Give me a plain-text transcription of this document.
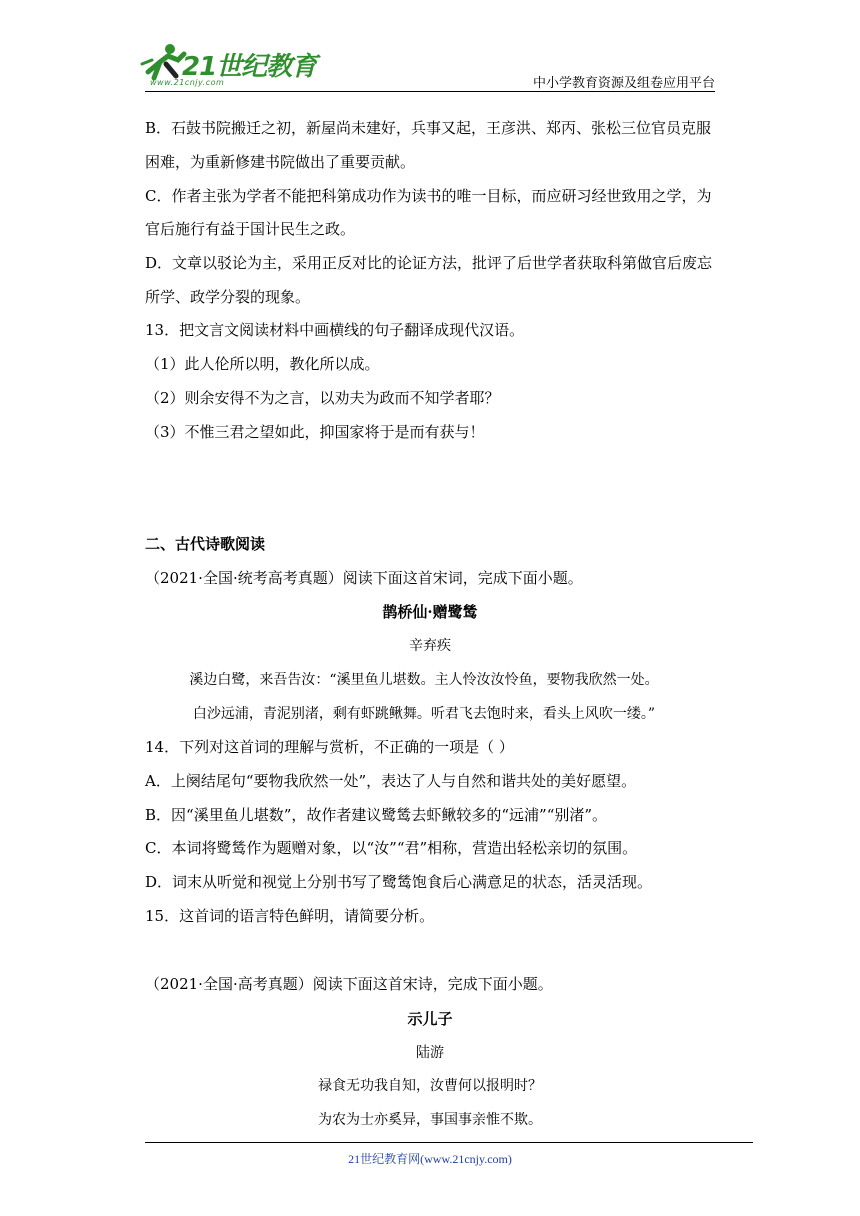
21世纪教育
www.21cnjy.com	中小学教育资源及组卷应用平台
B．石鼓书院搬迁之初，新屋尚未建好，兵事又起，王彦洪、郑丙、张松三位官员克服
困难，为重新修建书院做出了重要贡献。
C．作者主张为学者不能把科第成功作为读书的唯一目标，而应研习经世致用之学，为
官后施行有益于国计民生之政。
D．文章以驳论为主，采用正反对比的论证方法，批评了后世学者获取科第做官后废忘
所学、政学分裂的现象。
13．把文言文阅读材料中画横线的句子翻译成现代汉语。
（1）此人伦所以明，教化所以成。
（2）则余安得不为之言，以劝夫为政而不知学者耶？
（3）不惟三君之望如此，抑国家将于是而有获与！
二、古代诗歌阅读
（2021·全国·统考高考真题）阅读下面这首宋词，完成下面小题。
鹊桥仙·赠鹭鸶
辛弃疾
溪边白鹭，来吾告汝：“溪里鱼儿堪数。主人怜汝汝怜鱼，要物我欣然一处。
白沙远浦，青泥别渚，剩有虾跳鳅舞。听君飞去饱时来，看头上风吹一缕。”
14．下列对这首词的理解与赏析，不正确的一项是（ ）
A．上阕结尾句“要物我欣然一处”，表达了人与自然和谐共处的美好愿望。
B．因“溪里鱼儿堪数”，故作者建议鹭鸶去虾鳅较多的“远浦”“别渚”。
C．本词将鹭鸶作为题赠对象，以“汝”“君”相称，营造出轻松亲切的氛围。
D．词末从听觉和视觉上分别书写了鹭鸶饱食后心满意足的状态，活灵活现。
15．这首词的语言特色鲜明，请简要分析。
（2021·全国·高考真题）阅读下面这首宋诗，完成下面小题。
示儿子
陆游
禄食无功我自知，汝曹何以报明时？
为农为士亦奚异，事国事亲惟不欺。
21世纪教育网(www.21cnjy.com)
